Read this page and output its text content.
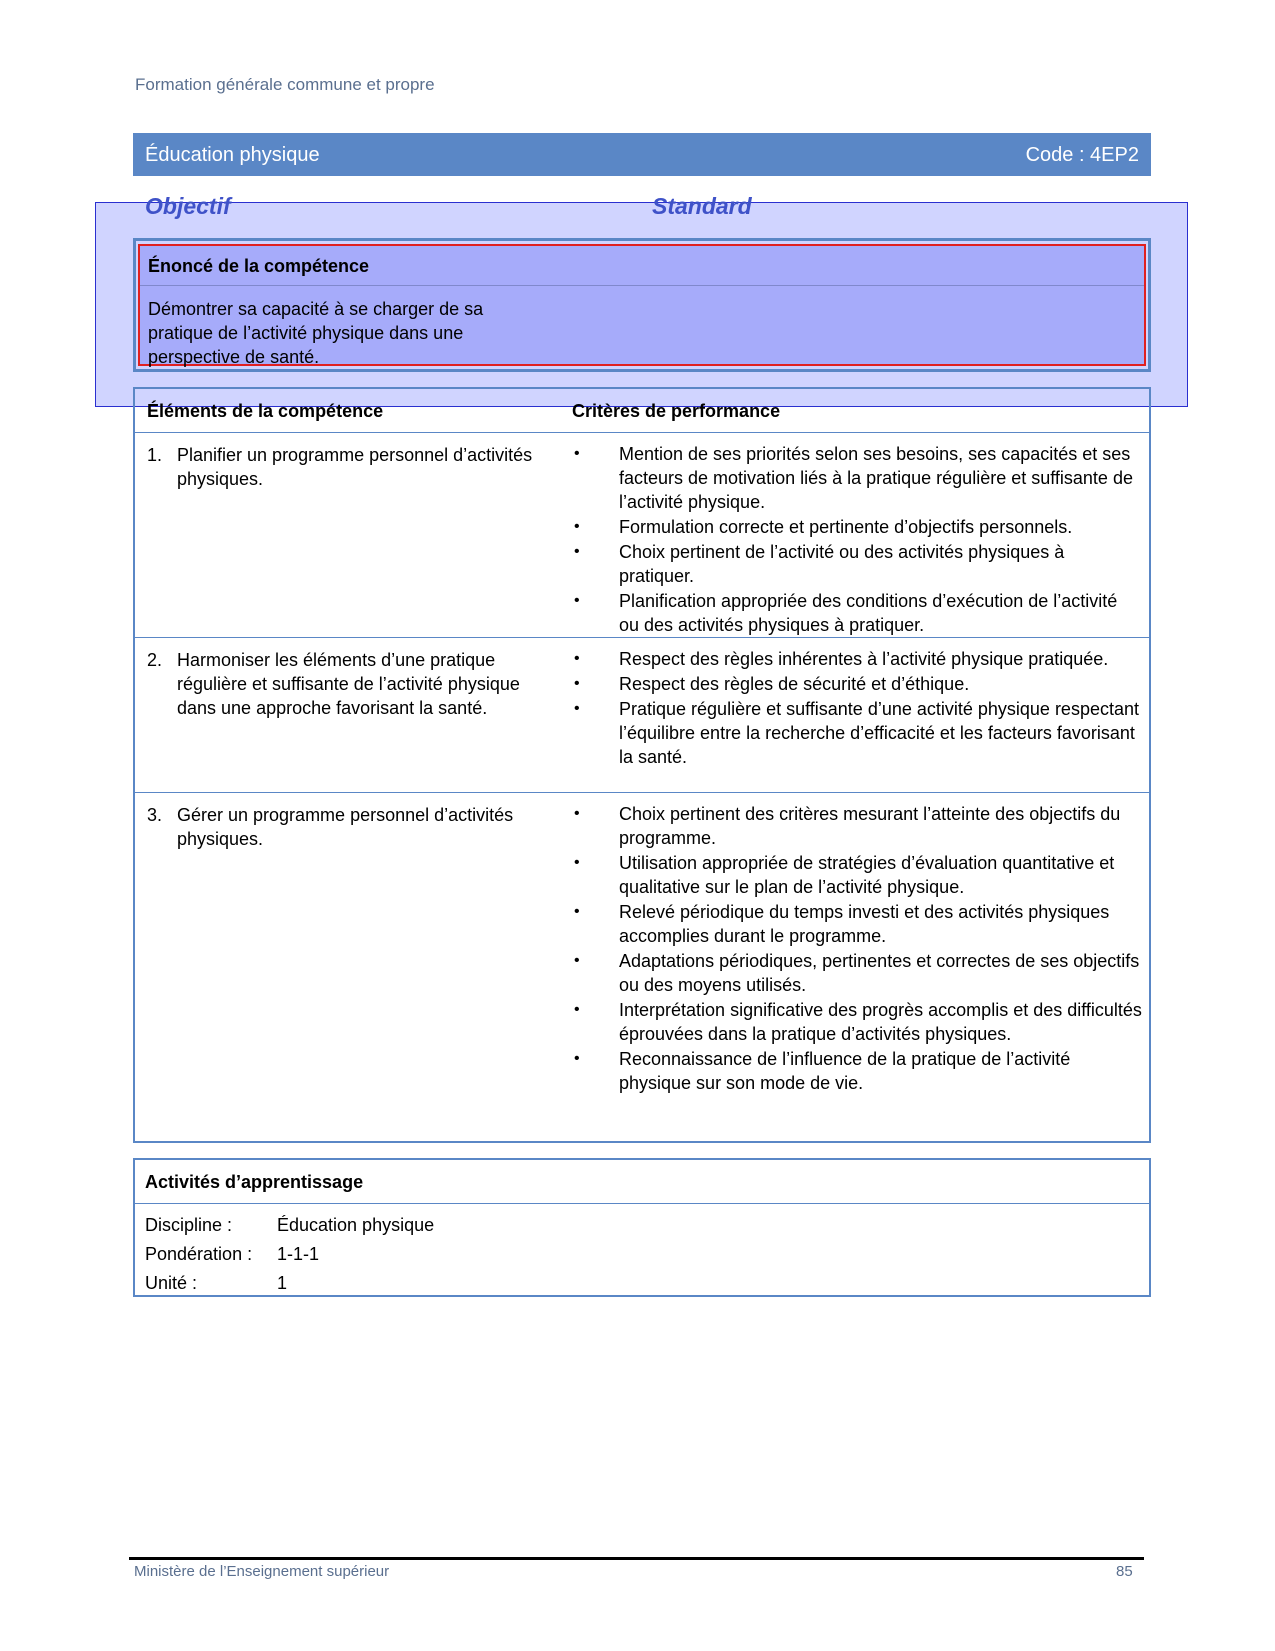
Formation générale commune et propre
Éducation physique	Code : 4EP2
Objectif	Standard
Énoncé de la compétence
Démontrer sa capacité à se charger de sa
pratique de l’activité physique dans une
perspective de santé.
Éléments de la compétence	Critères de performance
1. Planifier un programme personnel d’activités physiques.
• Mention de ses priorités selon ses besoins, ses capacités et ses facteurs de motivation liés à la pratique régulière et suffisante de l’activité physique.
• Formulation correcte et pertinente d’objectifs personnels.
• Choix pertinent de l’activité ou des activités physiques à pratiquer.
• Planification appropriée des conditions d’exécution de l’activité ou des activités physiques à pratiquer.
2. Harmoniser les éléments d’une pratique régulière et suffisante de l’activité physique dans une approche favorisant la santé.
• Respect des règles inhérentes à l’activité physique pratiquée.
• Respect des règles de sécurité et d’éthique.
• Pratique régulière et suffisante d’une activité physique respectant l’équilibre entre la recherche d’efficacité et les facteurs favorisant la santé.
3. Gérer un programme personnel d’activités physiques.
• Choix pertinent des critères mesurant l’atteinte des objectifs du programme.
• Utilisation appropriée de stratégies d’évaluation quantitative et qualitative sur le plan de l’activité physique.
• Relevé périodique du temps investi et des activités physiques accomplies durant le programme.
• Adaptations périodiques, pertinentes et correctes de ses objectifs ou des moyens utilisés.
• Interprétation significative des progrès accomplis et des difficultés éprouvées dans la pratique d’activités physiques.
• Reconnaissance de l’influence de la pratique de l’activité physique sur son mode de vie.
Activités d’apprentissage
Discipline : Éducation physique
Pondération : 1-1-1
Unité :	1
Ministère de l’Enseignement supérieur	85
